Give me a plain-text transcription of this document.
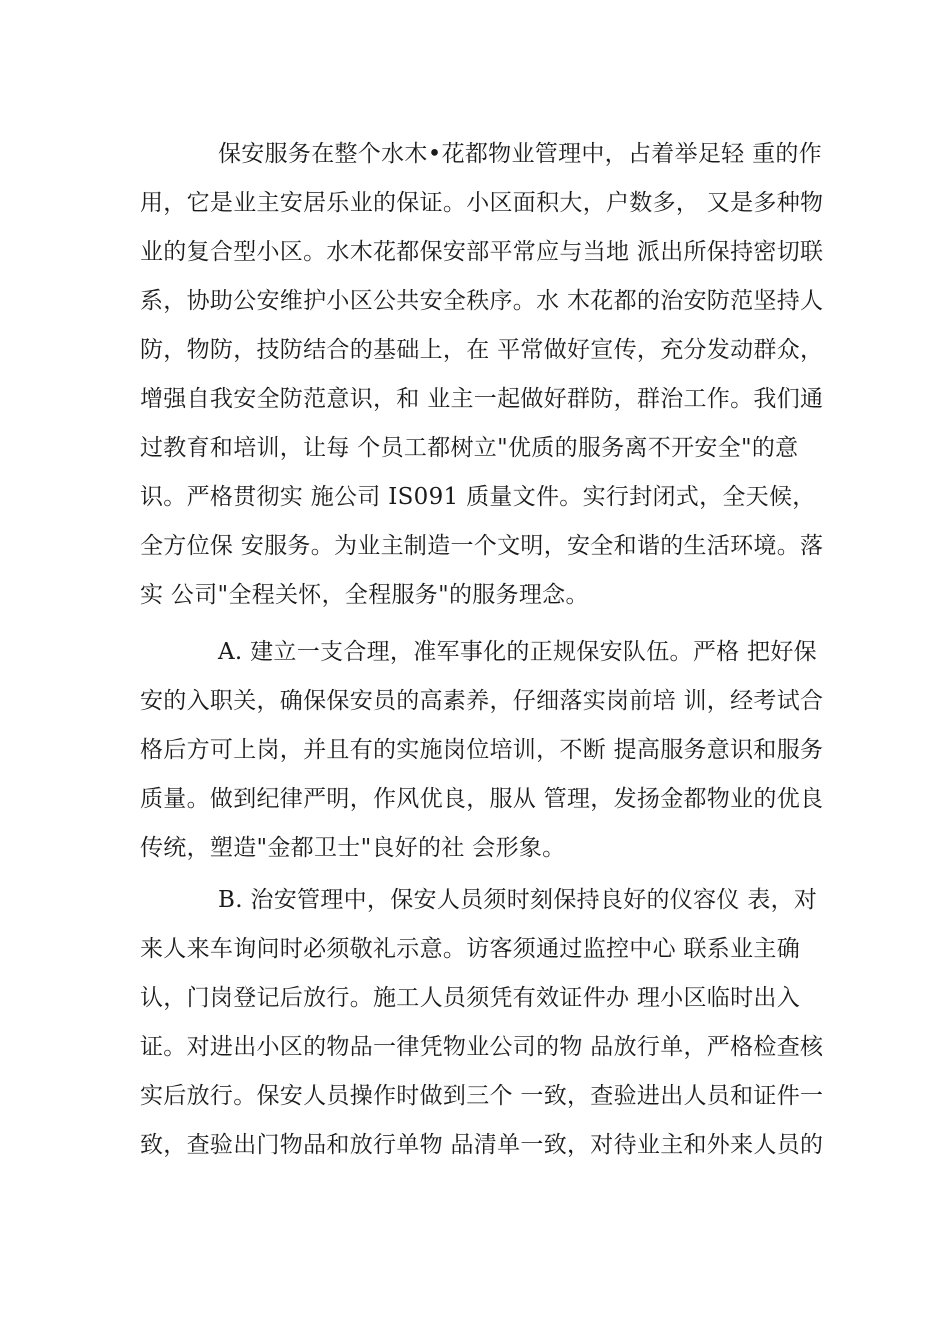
保安服务在整个水木•花都物业管理中，占着举足轻 重的作
用，它是业主安居乐业的保证。小区面积大，户数多， 又是多种物
业的复合型小区。水木花都保安部平常应与当地 派出所保持密切联
系，协助公安维护小区公共安全秩序。水 木花都的治安防范坚持人
防，物防，技防结合的基础上，在 平常做好宣传，充分发动群众，
增强自我安全防范意识，和 业主一起做好群防，群治工作。我们通
过教育和培训，让每 个员工都树立"优质的服务离不开安全"的意
识。严格贯彻实 施公司 IS091 质量文件。实行封闭式，全天候，
全方位保 安服务。为业主制造一个文明，安全和谐的生活环境。落
实 公司"全程关怀，全程服务"的服务理念。
A. 建立一支合理，准军事化的正规保安队伍。严格 把好保
安的入职关，确保保安员的高素养，仔细落实岗前培 训，经考试合
格后方可上岗，并且有的实施岗位培训，不断 提高服务意识和服务
质量。做到纪律严明，作风优良，服从 管理，发扬金都物业的优良
传统，塑造"金都卫士"良好的社 会形象。
B. 治安管理中，保安人员须时刻保持良好的仪容仪 表，对
来人来车询问时必须敬礼示意。访客须通过监控中心 联系业主确
认，门岗登记后放行。施工人员须凭有效证件办 理小区临时出入
证。对进出小区的物品一律凭物业公司的物 品放行单，严格检查核
实后放行。保安人员操作时做到三个 一致，查验进出人员和证件一
致，查验出门物品和放行单物 品清单一致，对待业主和外来人员的
